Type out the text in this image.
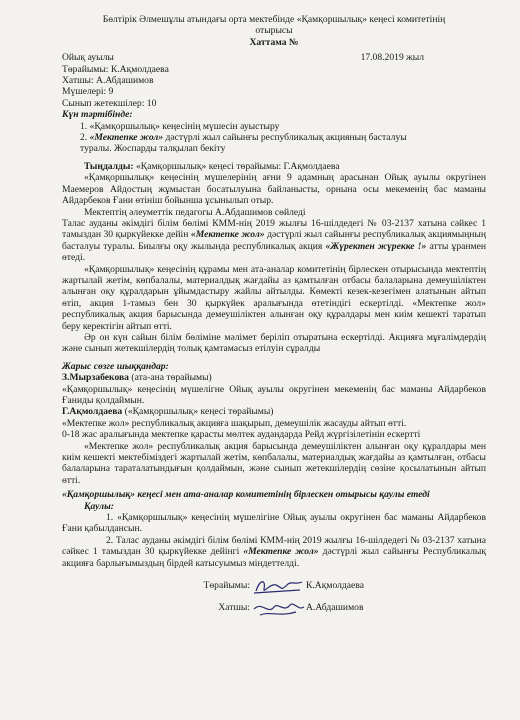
Бөлтірік Әлмешұлы атындағы орта мектебінде «Қамқоршылық» кеңесі комитетінің
отырысы
Хаттама №
Ойық ауылы	17.08.2019 жыл
Төрайымы: К.Ақмолдаева
Хатшы: А.Абдашимов
Мүшелері: 9
Сынып жетекшілер: 10
Күн тәртібінде:
1. «Қамқоршылық» кеңесінің мүшесін ауыстыру
2. «Мектепке жол» дәстүрлі жыл сайынғы республикалық акцияның басталуы
туралы. Жоспарды талқылап бекіту
Тыңдалды: «Қамқоршылық» кеңесі төрайымы: Г.Ақмолдаева
«Қамқоршылық» кеңесінің мүшелерінің ағни 9 адамның арасынан Ойық ауылы округінен Маемеров Айдостың жұмыстан босатылуына байланысты, орнына осы мекеменің бас маманы Айдарбеков Ғани өтініш бойынша ұсынылып отыр.
Мектептің әлеуметтік педагогы А.Абдашимов сөйледі
Талас ауданы әкімдігі білім бөлімі КММ-нің 2019 жылғы 16-шілдедегі № 03-2137 хатына сәйкес 1 тамыздан 30 қыркүйекке дейін «Мектепке жол» дәстүрлі жыл сайынғы республикалық акциямыңның басталуы туралы. Биылғы оқу жылында республикалық акция «Жүректен жүрекке !» атты ұранмен өтеді.
«Қамқоршылық» кеңесінің құрамы мен ата-аналар комитетінің бірлескен отырысында мектептің жартылай жетім, көпбалалы, материалдық жағдайы аз қамтылған отбасы балаларына демеушіліктен алынған оқу құралдарын ұйымдастыру жайлы айтылды. Көмекті кезек-кезегімен алатынын айтып өтіп, акция 1-тамыз бен 30 қыркүйек аралығында өтетіндігі ескертілді. «Мектепке жол» республикалық акция барысында демеушіліктен алынған оқу құралдары мен киім кешекті таратып беру керектігін айтып өтті.
Әр он күн сайын білім бөліміне мәлімет беріліп отыратына ескертілді. Акцияға мұғалімдердің және сынып жетекшілердің толық қамтамасыз етілуін сұралды
Жарыс сөзге шыққандар:
З.Мырзабекова (ата-ана төрайымы)
«Қамқоршылық» кеңесінің мүшелігне Ойық ауылы округінен мекеменің бас маманы Айдарбеков Ғаниды қолдаймын.
Г.Ақмолдаева («Қамқоршылық» кеңесі төрайымы)
«Мектепке жол» республикалық акцияға шақырып, демеушілік жасауды айтып өтті.
0-18 жас аралығында мектепке қарасты мөлтек аудандарда Рейд жүргізілетінін ескертті
«Мектепке жол» республикалық акция барысында демеушіліктен алынған оқу құралдары мен киім кешекті мектебіміздегі жартылай жетім, көпбалалы, материалдық жағдайы аз қамтылған, отбасы балаларына тараталатындығын қолдаймын, және сынып жетекшілердің сөзіне қосылатынын айтып өтті.
«Қамқоршылық» кеңесі мен ата-аналар комитетінің бірлескен отырысы қаулы етеді
Қаулы:
1. «Қамқоршылық» кеңесінің мүшелігіне Ойық ауылы округінен бас маманы Айдарбеков Ғани қабылдансын.
2. Талас ауданы әкімдігі білім бөлімі КММ-нің 2019 жылғы 16-шілдедегі № 03-2137 хатына сәйкес 1 тамыздан 30 қыркүйекке дейінгі «Мектепке жол» дәстүрлі жыл сайынғы Республикалық акцияға барлығымыздың бірдей катысуымыз міндеттелді.
Төрайымы:	К.Ақмолдаева
Хатшы:	А.Абдашимов
